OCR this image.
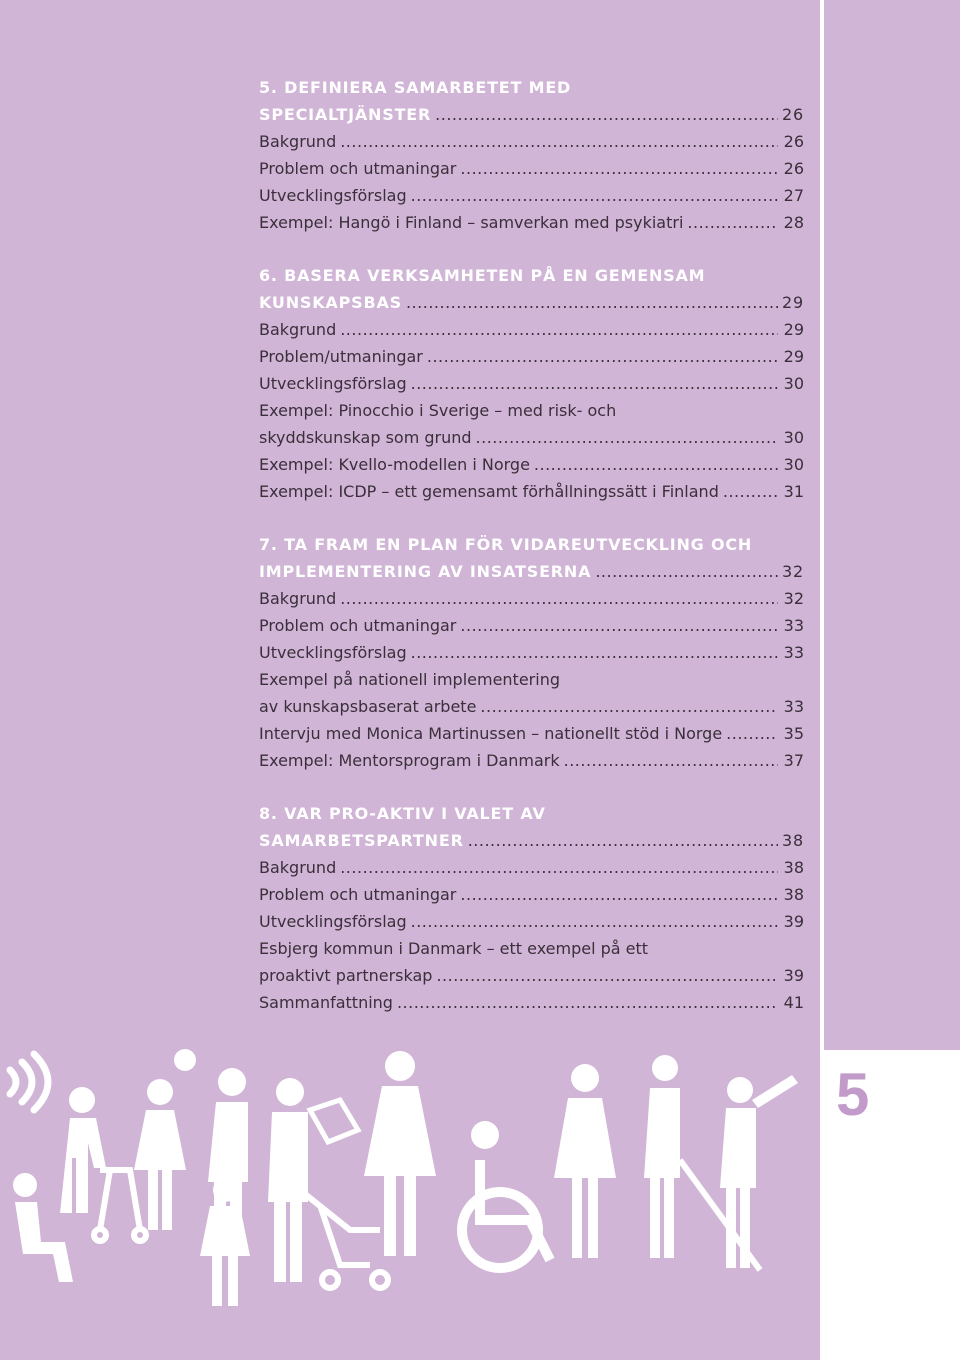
5. DEFINIERA SAMARBETET MED
SPECIALTJÄNSTER .....	26
Bakgrund .....	26
Problem och utmaningar .....	26
Utvecklingsförslag .....	27
Exempel: Hangö i Finland – samverkan med psykiatri .....	28
6. BASERA VERKSAMHETEN PÅ EN GEMENSAM
KUNSKAPSBAS .....	29
Bakgrund .....	29
Problem/utmaningar .....	29
Utvecklingsförslag .....	30
Exempel: Pinocchio i Sverige – med risk- och
skyddskunskap som grund .....	30
Exempel: Kvello-modellen i Norge .....	30
Exempel: ICDP – ett gemensamt förhållningssätt i Finland .....	31
7. TA FRAM EN PLAN FÖR VIDAREUTVECKLING OCH
IMPLEMENTERING AV INSATSERNA .....	32
Bakgrund .....	32
Problem och utmaningar .....	33
Utvecklingsförslag .....	33
Exempel på nationell implementering
av kunskapsbaserat arbete .....	33
Intervju med Monica Martinussen – nationellt stöd i Norge .....	35
Exempel: Mentorsprogram i Danmark .....	37
8. VAR PRO-AKTIV I VALET AV
SAMARBETSPARTNER .....	38
Bakgrund .....	38
Problem och utmaningar .....	38
Utvecklingsförslag .....	39
Esbjerg kommun i Danmark – ett exempel på ett
proaktivt partnerskap .....	39
Sammanfattning .....	41
5
